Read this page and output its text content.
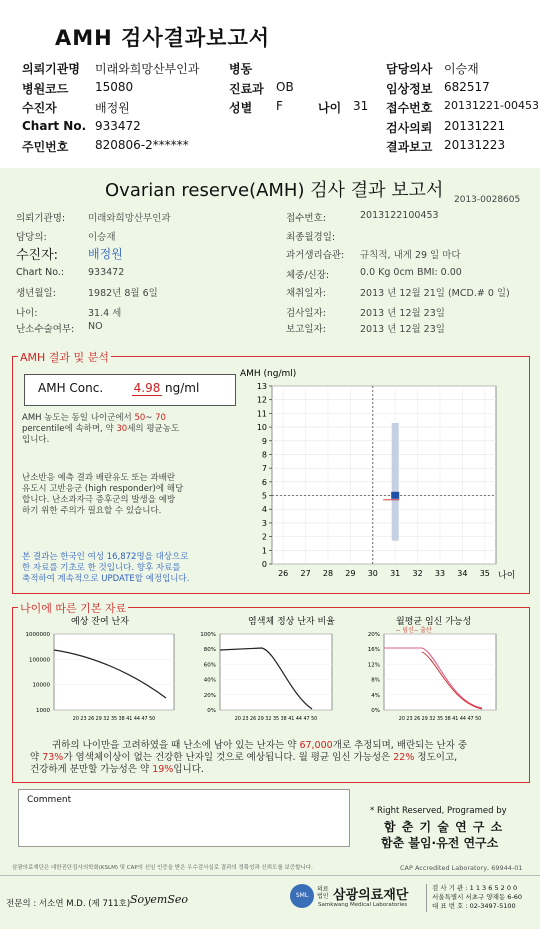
AMH 검사결과보고서
의뢰기관명 미래와희망산부인과 병동	담당의사 이승재
병원코드 15080	진료과 OB	임상정보 682517
수진자	배정원	성별 F	나이 31 접수번호 20131221-00453
Chart No. 933472	검사의뢰 20131221
주민번호 820806-2******	결과보고 20131223
Ovarian reserve(AMH) 검사 결과 보고서 2013-0028605
의뢰기관명: 미래와희망산부인과
담당의:	이승재
수진자: 배정원
Chart No.:	933472
생년월일:	1982년 8월 6일
나이:	31.4 세
난소수술여부: NO
접수번호:	2013122100453
최종월경일:
과거생리습관: 규칙적, 내게 29 일 마다
체중/신장:	0.0 Kg 0cm BMI: 0.00
채취일자:	2013 년 12월 21일 (MCD.# 0 일)
검사일자:	2013 년 12월 23일
보고일자:	2013 년 12월 23일
AMH 결과 및 분석
AMH Conc.	4.98 ng/ml
AMH 농도는 동일 나이군에서 50~ 70
percentile에 속하며, 약 30세의 평균농도
입니다.
난소반응 예측 결과 배란유도 또는 과배란
유도시 고반응군 (high responder)에 해당
합니다. 난소과자극 증후군의 발생을 예방
하기 위한 주의가 필요할 수 있습니다.
본 결과는 한국인 여성 16,872명을 대상으로
한 자료를 기초로 한 것입니다. 향후 자료를
축적하여 계속적으로 UPDATE할 예정입니다.
0
1
2
3
4
5
6
7
8
9
10
11
12
13
26 27 28 29 30 31 32 33 34 35
AMH (ng/ml)
나이
나이에 따른 기본 자료
예상 잔여 난자
1000000
100000
10000
1000
20 23 26 29 32 35 38 41 44 47 50
염색체 정상 난자 비율
100%
80%
60%
40%
20%
0%
20 23 26 29 32 35 38 41 44 47 50
월평균 임신 가능성
20%
16%
12%
8%
4%
0%
20 23 26 29 32 35 38 41 44 47 50
-- 임신-- 출산
귀하의 나이만을 고려하였을 때 난소에 남아 있는 난자는 약 67,000개로 추정되며, 배란되는 난자 중
약 73%가 염색체이상이 없는 건강한 난자일 것으로 예상됩니다. 월 평균 임신 가능성은 22% 정도이고,
건강하게 분만할 가능성은 약 19%입니다.
Comment
* Right Reserved, Programed by
함 춘 기 술 연 구 소
함춘 불임·유전 연구소
삼광의료재단은 대한진단검사의학회(KSLM) 및 CAP의 신임 인증을 받은 우수검사실로 결과의 정확성과 신뢰도를 보증합니다.	CAP Accredited Laboratory, 69944-01
전문의 : 서소연 M.D. (제 711호) SoyemSeo	SML
의료
법인 삼광의료재단
Samkwang Medical Laboratories
검 사 기 관 : 1 1 3 6 5 2 0 0
서울특별시 서초구 양재동 6-60
대 표 번 호 : 02-3497-5100
